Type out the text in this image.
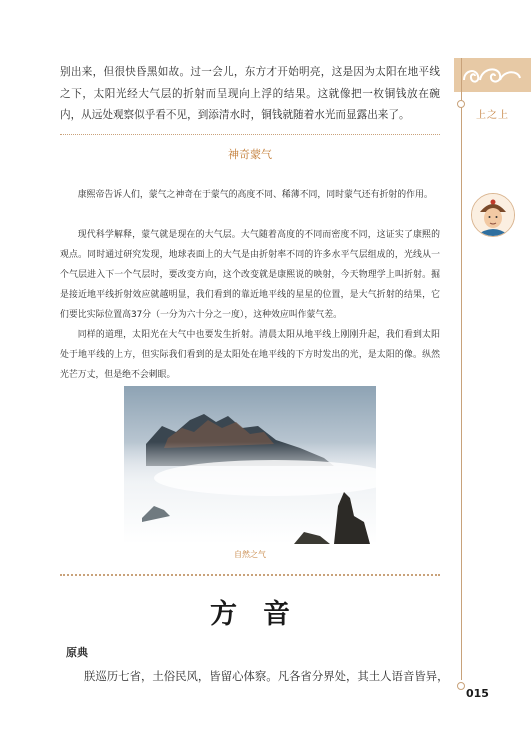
上之上

别出来，但很快昏黑如故。过一会儿，东方才开始明亮，这是因为太阳在地平线之下，太阳光经大气层的折射而呈现向上浮的结果。这就像把一枚铜钱放在碗内，从远处观察似乎看不见，到添清水时，铜钱就随着水光而显露出来了。

神奇蒙气

康熙帝告诉人们，蒙气之神奇在于蒙气的高度不同、稀薄不同，同时蒙气还有折射的作用。

现代科学解释，蒙气就是现在的大气层。大气随着高度的不同而密度不同，这证实了康熙的观点。同时通过研究发现，地球表面上的大气是由折射率不同的许多水平气层组成的，光线从一个气层进入下一个气层时，要改变方向，这个改变就是康熙说的映射，今天物理学上叫折射。掘是接近地平线折射效应就越明显，我们看到的靠近地平线的星星的位置，是大气折射的结果，它们要比实际位置高37分（一分为六十分之一度），这种效应叫作蒙气差。

同样的道理，太阳光在大气中也要发生折射。清晨太阳从地平线上刚刚升起，我们看到太阳处于地平线的上方，但实际我们看到的是太阳处在地平线的下方时发出的光，是太阳的像。纵然光芒万丈，但是绝不会刺眼。

自然之气
方音
原典
朕巡历七省，土俗民风，皆留心体察。凡各省分界处，其土人语音皆异，
015
